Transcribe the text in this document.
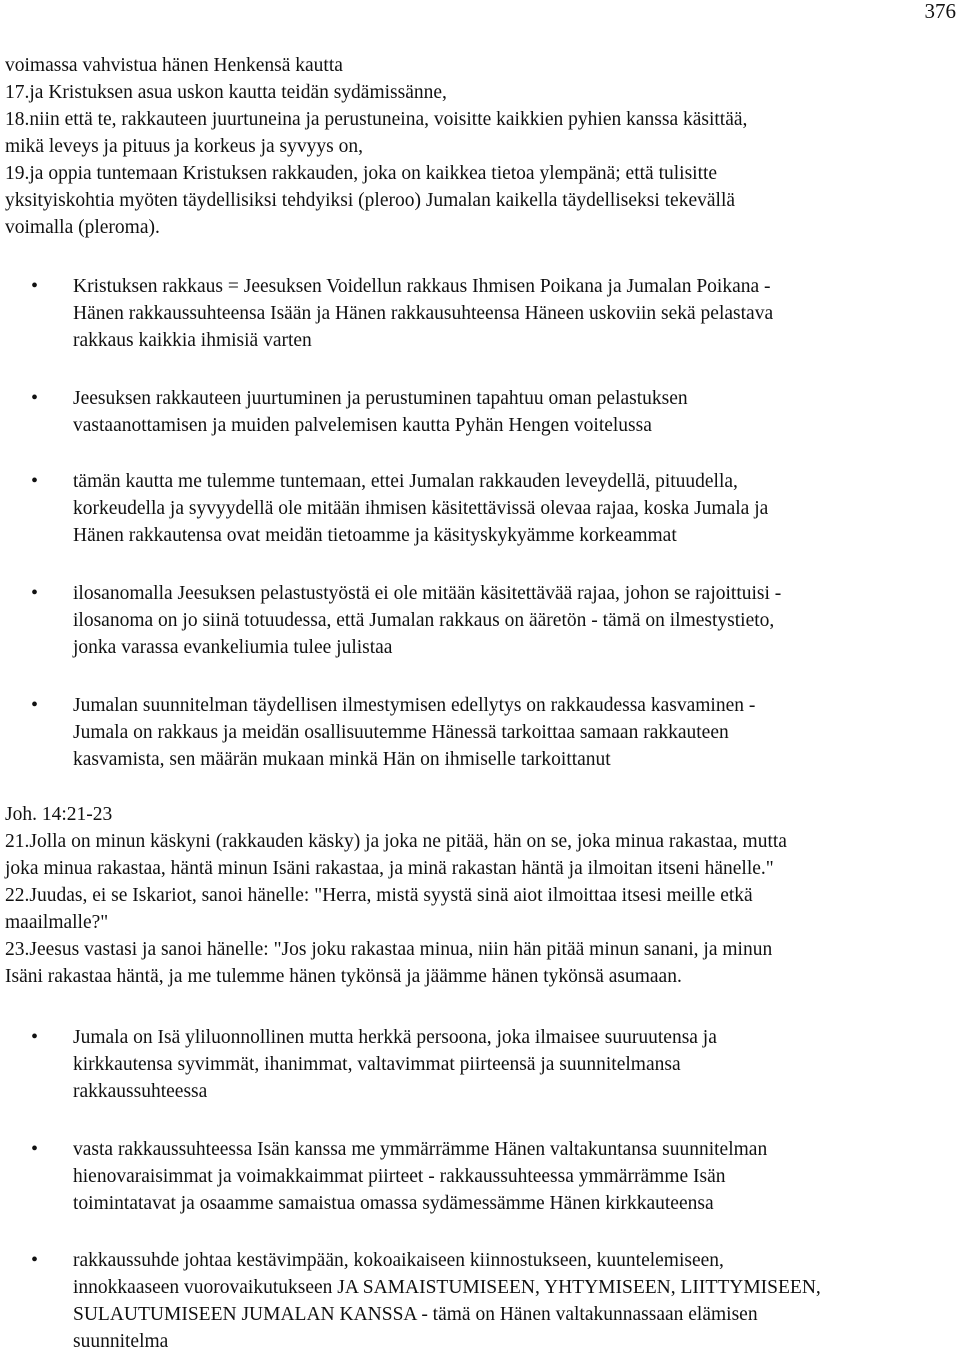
376
voimassa vahvistua hänen Henkensä kautta
17.ja Kristuksen asua uskon kautta teidän sydämissänne,
18.niin että te, rakkauteen juurtuneina ja perustuneina, voisitte kaikkien pyhien kanssa käsittää,
mikä leveys ja pituus ja korkeus ja syvyys on,
19.ja oppia tuntemaan Kristuksen rakkauden, joka on kaikkea tietoa ylempänä; että tulisitte
yksityiskohtia myöten täydellisiksi tehdyiksi (pleroo) Jumalan kaikella täydelliseksi tekevällä
voimalla (pleroma).
• Kristuksen rakkaus = Jeesuksen Voidellun rakkaus Ihmisen Poikana ja Jumalan Poikana -
Hänen rakkaussuhteensa Isään ja Hänen rakkausuhteensa Häneen uskoviin sekä pelastava
rakkaus kaikkia ihmisiä varten
• Jeesuksen rakkauteen juurtuminen ja perustuminen tapahtuu oman pelastuksen
vastaanottamisen ja muiden palvelemisen kautta Pyhän Hengen voitelussa
• tämän kautta me tulemme tuntemaan, ettei Jumalan rakkauden leveydellä, pituudella,
korkeudella ja syvyydellä ole mitään ihmisen käsitettävissä olevaa rajaa, koska Jumala ja
Hänen rakkautensa ovat meidän tietoamme ja käsityskykyämme korkeammat
• ilosanomalla Jeesuksen pelastustyöstä ei ole mitään käsitettävää rajaa, johon se rajoittuisi -
ilosanoma on jo siinä totuudessa, että Jumalan rakkaus on ääretön - tämä on ilmestystieto,
jonka varassa evankeliumia tulee julistaa
• Jumalan suunnitelman täydellisen ilmestymisen edellytys on rakkaudessa kasvaminen -
Jumala on rakkaus ja meidän osallisuutemme Hänessä tarkoittaa samaan rakkauteen
kasvamista, sen määrän mukaan minkä Hän on ihmiselle tarkoittanut
Joh. 14:21-23
21.Jolla on minun käskyni (rakkauden käsky) ja joka ne pitää, hän on se, joka minua rakastaa, mutta
joka minua rakastaa, häntä minun Isäni rakastaa, ja minä rakastan häntä ja ilmoitan itseni hänelle."
22.Juudas, ei se Iskariot, sanoi hänelle: "Herra, mistä syystä sinä aiot ilmoittaa itsesi meille etkä
maailmalle?"
23.Jeesus vastasi ja sanoi hänelle: "Jos joku rakastaa minua, niin hän pitää minun sanani, ja minun
Isäni rakastaa häntä, ja me tulemme hänen tykönsä ja jäämme hänen tykönsä asumaan.
• Jumala on Isä yliluonnollinen mutta herkkä persoona, joka ilmaisee suuruutensa ja
kirkkautensa syvimmät, ihanimmat, valtavimmat piirteensä ja suunnitelmansa
rakkaussuhteessa
• vasta rakkaussuhteessa Isän kanssa me ymmärrämme Hänen valtakuntansa suunnitelman
hienovaraisimmat ja voimakkaimmat piirteet - rakkaussuhteessa ymmärrämme Isän
toimintatavat ja osaamme samaistua omassa sydämessämme Hänen kirkkauteensa
• rakkaussuhde johtaa kestävimpään, kokoaikaiseen kiinnostukseen, kuuntelemiseen,
innokkaaseen vuorovaikutukseen JA SAMAISTUMISEEN, YHTYMISEEN, LIITTYMISEEN,
SULAUTUMISEEN JUMALAN KANSSA - tämä on Hänen valtakunnassaan elämisen
suunnitelma
